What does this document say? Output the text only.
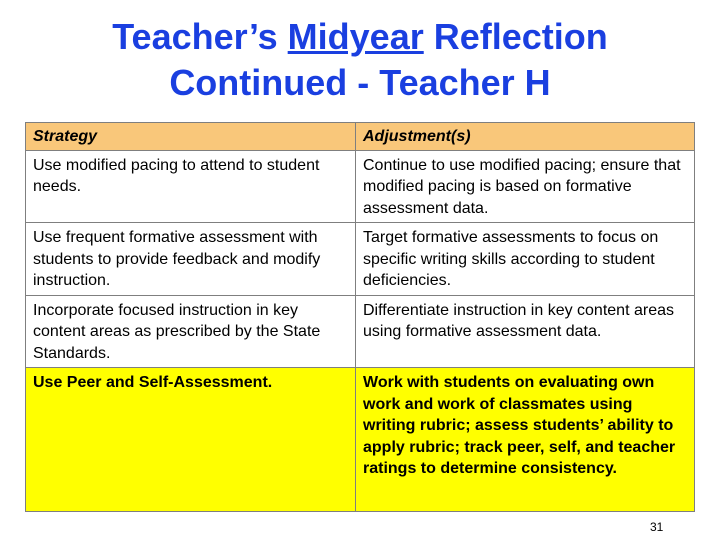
Teacher’s Midyear Reflection
Continued - Teacher H
Strategy	Adjustment(s)
Use modified pacing to attend to student needs.	Continue to use modified pacing; ensure that modified pacing is based on formative assessment data.
Use frequent formative assessment with students to provide feedback and modify instruction.	Target formative assessments to focus on specific writing skills according to student deficiencies.
Incorporate focused instruction in key content areas as prescribed by the State Standards.	Differentiate instruction in key content areas using formative assessment data.
Use Peer and Self-Assessment.	Work with students on evaluating own work and work of classmates using writing rubric; assess students’ ability to apply rubric; track peer, self, and teacher ratings to determine consistency.
31
